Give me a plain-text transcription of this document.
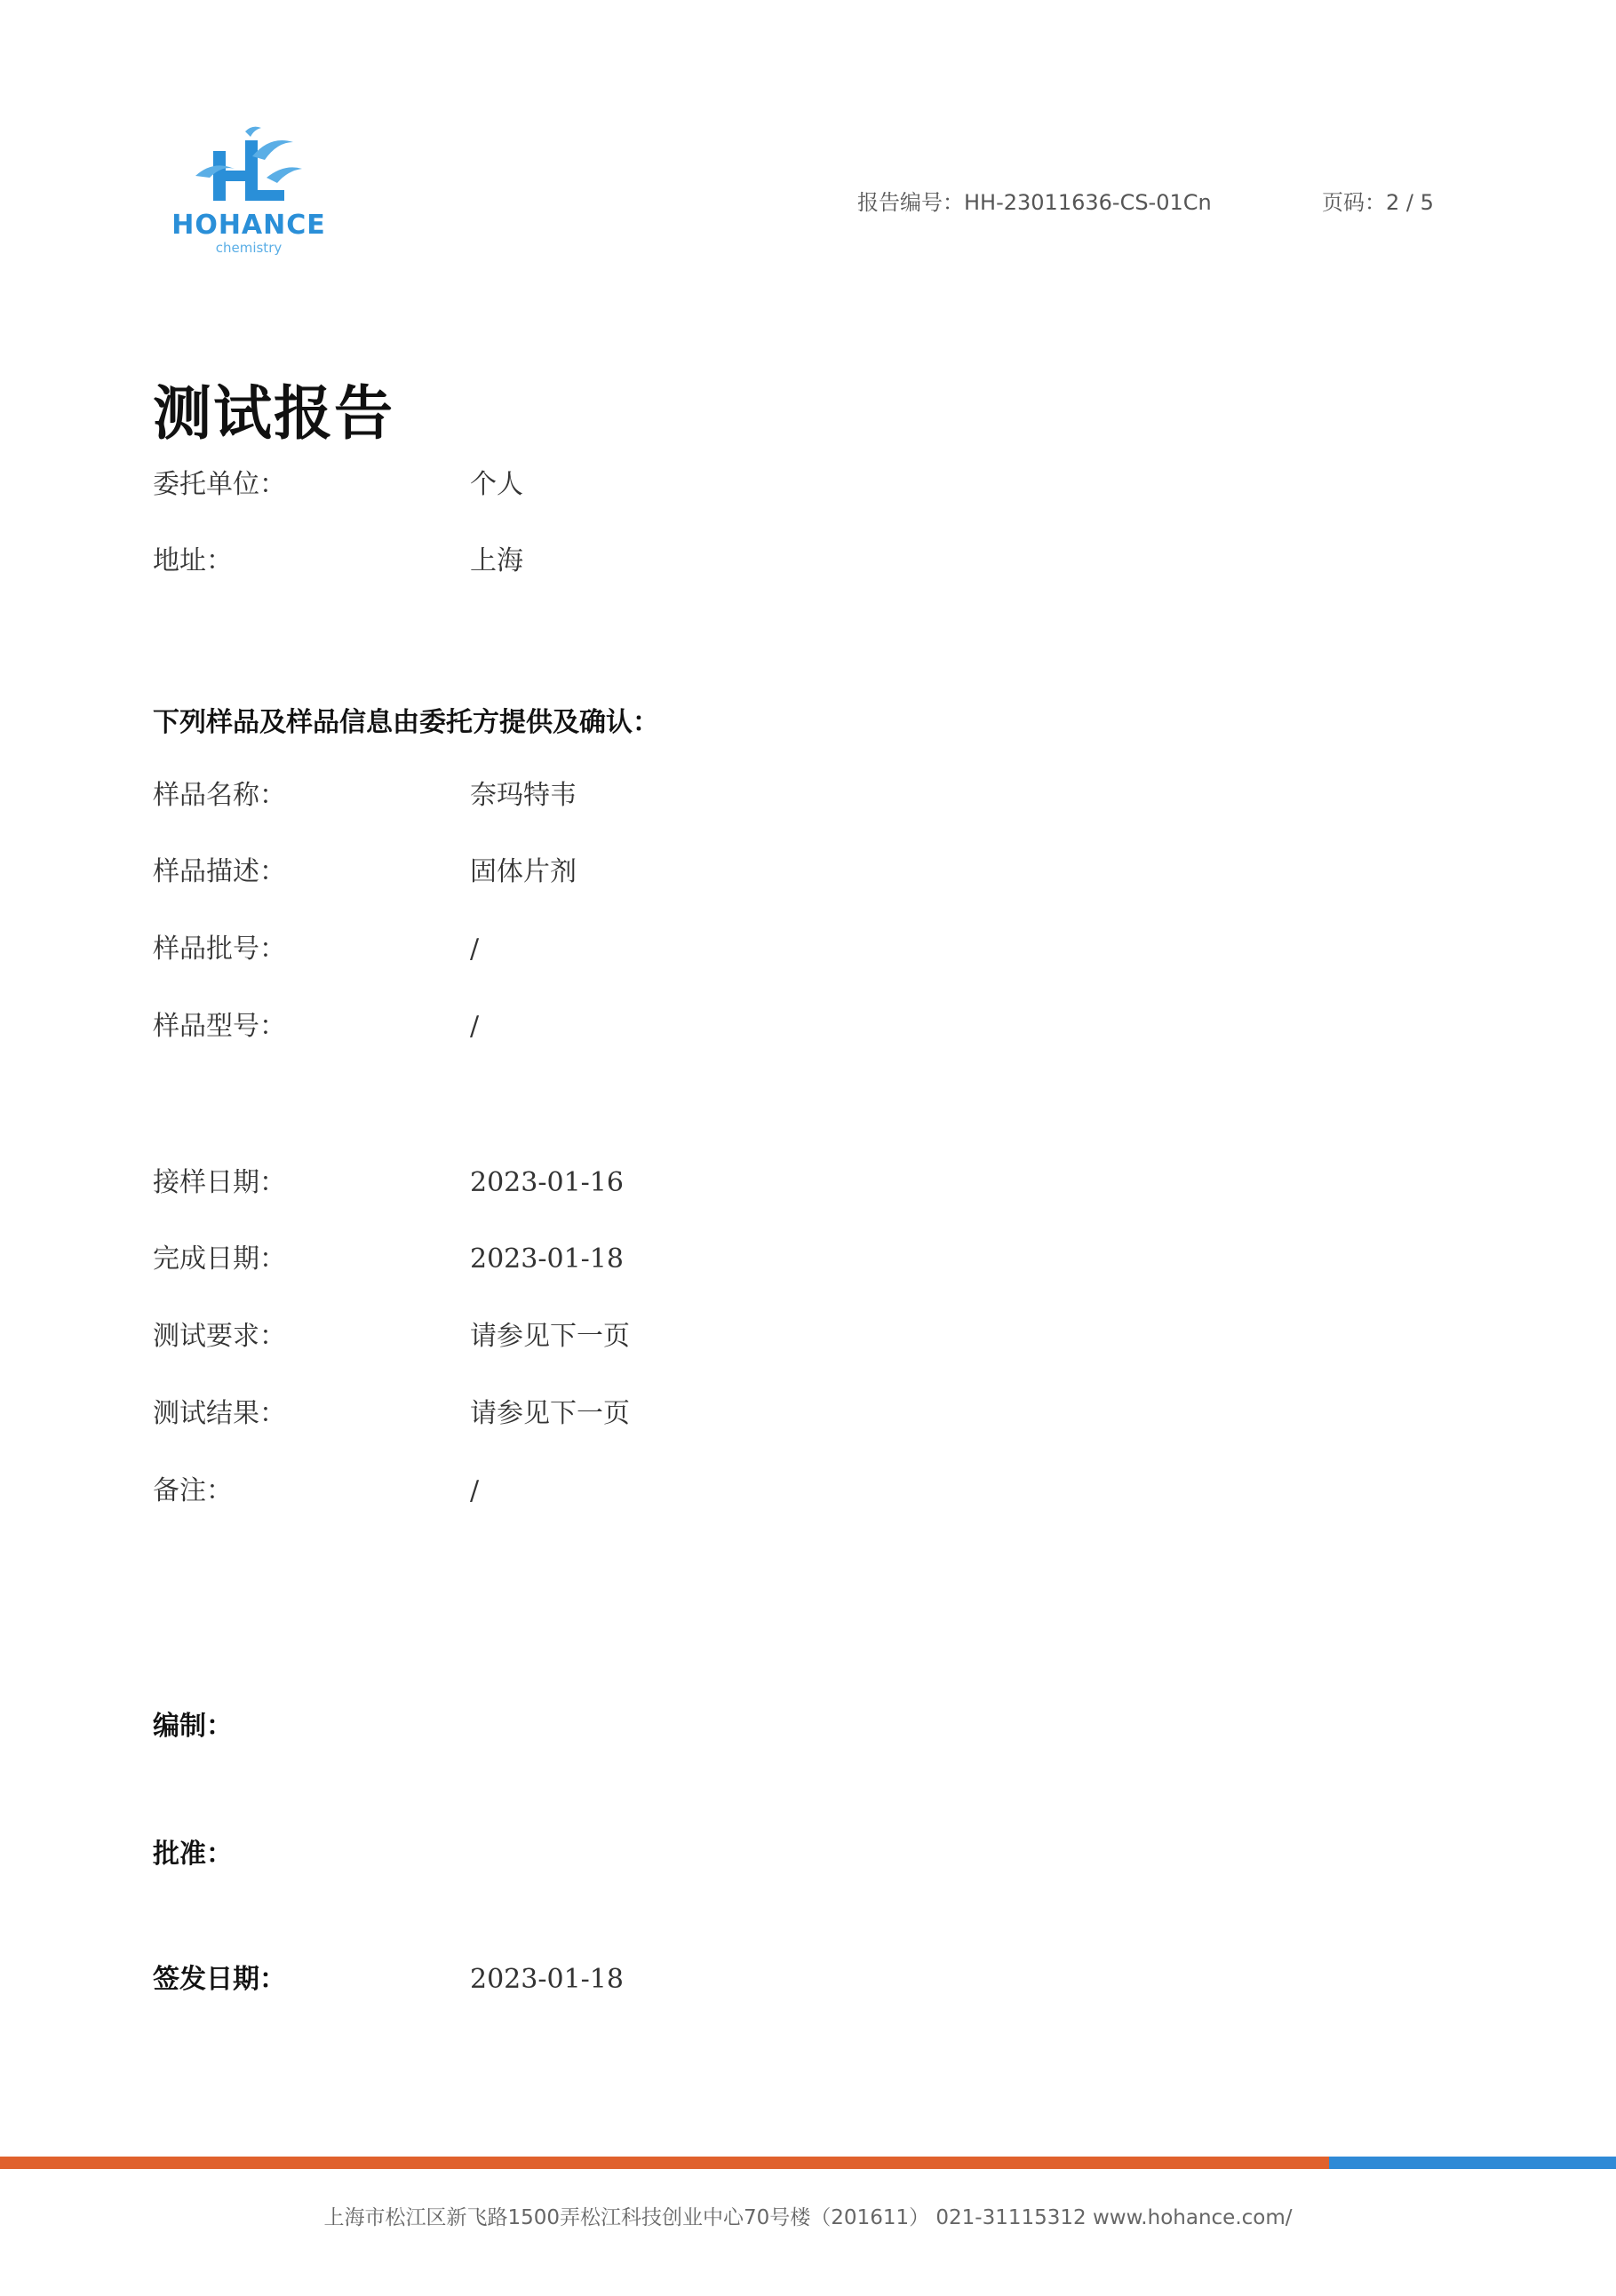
HOHANCE
chemistry
报告编号：HH-23011636-CS-01Cn	页码：2 / 5
测试报告
委托单位：	个人
地址：	上海
下列样品及样品信息由委托方提供及确认：
样品名称：	奈玛特韦
样品描述：	固体片剂
样品批号：	/
样品型号：	/
接样日期：	2023-01-16
完成日期：	2023-01-18
测试要求：	请参见下一页
测试结果：	请参见下一页
备注：	/
编制：
批准：
签发日期：	2023-01-18
上海市松江区新飞路1500弄松江科技创业中心70号楼（201611） 021-31115312 www.hohance.com/
